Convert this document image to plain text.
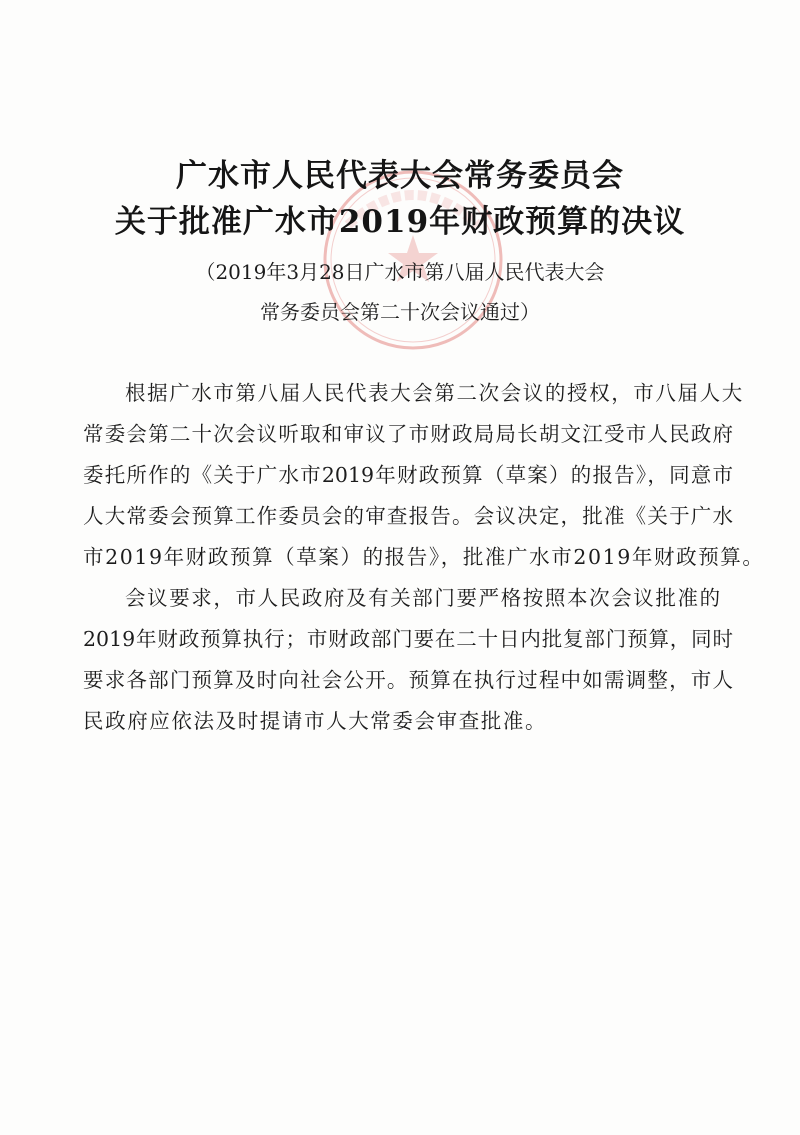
广水市人民代表大会常务委员会
关于批准广水市2019年财政预算的决议
（2019年3月28日广水市第八届人民代表大会
常务委员会第二十次会议通过）
根据广水市第八届人民代表大会第二次会议的授权，市八届人大
常委会第二十次会议听取和审议了市财政局局长胡文江受市人民政府
委托所作的《关于广水市2019年财政预算（草案）的报告》，同意市
人大常委会预算工作委员会的审查报告。会议决定，批准《关于广水
市2019年财政预算（草案）的报告》，批准广水市2019年财政预算。
会议要求，市人民政府及有关部门要严格按照本次会议批准的
2019年财政预算执行；市财政部门要在二十日内批复部门预算，同时
要求各部门预算及时向社会公开。预算在执行过程中如需调整，市人
民政府应依法及时提请市人大常委会审查批准。
